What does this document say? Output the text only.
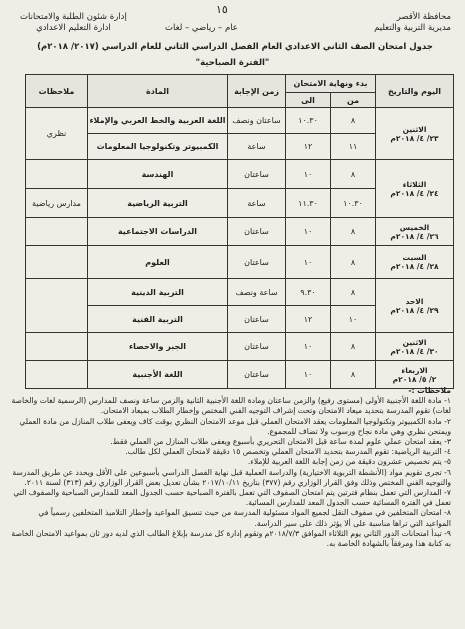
١٥
محافظة الأقصر
مديرية التربية والتعليم
إدارة شئون الطلبة والامتحانات
ادارة التعليم الاعدادي	عام – رياضي – لغات
جدول امتحان الصف الثاني الاعدادي العام الفصل الدراسي الثاني للعام الدراسي (٢٠١٧/ ٢٠١٨م)
"الفترة الصباحية"
اليوم والتاريخ	بدء ونهاية الامتحان		زمن الإجابة	المادة	ملاحظات
	من	الى			

الاثنين
٢٣/ ٤/ ٢٠١٨م	٨	١٠.٣٠	ساعتان ونصف	اللغة العربية والخط العربي والإملاء	نظري
	١١	١٢	ساعة	الكمبيوتر وتكنولوجيا المعلومات	

الثلاثاء
٢٤/ ٤/ ٢٠١٨م	٨	١٠	ساعتان	الهندسة	
	١٠.٣٠	١١.٣٠	ساعة	التربية الرياضية	مدارس رياضية

الخميس
٢٦/ ٤/ ٢٠١٨م	٨	١٠	ساعتان	الدراسات الاجتماعية	

السبت
٢٨/ ٤/ ٢٠١٨م	٨	١٠	ساعتان	العلوم	

الاحد
٢٩/ ٤/ ٢٠١٨م	٨	٩.٣٠	ساعة ونصف	التربية الدينية	
	١٠	١٢	ساعتان	التربية الفنية	

الاثنين
٣٠/ ٤/ ٢٠١٨م	٨	١٠	ساعتان	الجبر والاحصاء	

الاربعاء
٢/ ٥/ ٢٠١٨م	٨	١٠	ساعتان	اللغة الأجنبية	

ملاحظات :-

١- مادة اللغة الأجنبية الأولى (مستوى رفيع) والزمن ساعتان ومادة اللغة الأجنبية الثانية والزمن ساعة ونصف للمدارس (الرسمية لغات والخاصة لغات) تقوم المدرسة بتحديد ميعاد الامتحان وتحت إشراف التوجيه الفني المختص وإخطار الطلاب بميعاد الامتحان.

٢- مادة الكمبيوتر وتكنولوجيا المعلومات يعقد الامتحان العملي قبل موعد الامتحان النظري بوقت كاف ويعفى طلاب المنازل من مادة العملي ويمتحن نظري وهي مادة نجاح ورسوب ولا تضاف للمجموع.

٣- يعقد امتحان عملي علوم لمدة ساعة قبل الامتحان التحريري بأسبوع ويعفى طلاب المنازل من العملي فقط.

٤- التربية الرياضية: تقوم المدرسة بتحديد الامتحان العملي وتخصص ١٥ دقيقة لامتحان العملي لكل طالب.

٥- يتم تخصيص عشرون دقيقة من زمن إجابة اللغة العربية للإملاء.

٦- تجرى تقويم مواد (الأنشطة التربوية الاختيارية) والدراسة العملية قبل نهاية الفصل الدراسي بأسبوعين على الأقل ويحدد عن طريق المدرسة والتوجيه الفني المختص وذلك وفق القرار الوزاري رقم (٣٧٧) بتاريخ ٢٠١٧/١٠/١١ بشأن تعديل بعض القرار الوزاري رقم (٣١٣) لسنة ٢٠١١.

٧- المدارس التي تعمل بنظام فترتين يتم امتحان الصفوف التي تعمل بالفترة الصباحية حسب الجدول المعد للمدارس الصباحية والصفوف التي تعمل في الفترة المسائية حسب الجدول المعد للمدارس المسائية.

٨- امتحان المتخلفين في صفوف النقل لجميع المواد مسئولية المدرسة من حيث تنسيق المواعيد وإخطار التلاميذ المتخلفين رسمياً في المواعيد التي تراها مناسبة على ألا يؤثر ذلك على سير الدراسة.

٩- تبدأ امتحانات الدور الثاني يوم الثلاثاء الموافق ٢٠١٨/٧/٣م وتقوم إدارة كل مدرسة بإبلاغ الطالب الذي لديه دور ثان بمواعيد الامتحان الخاصة به كتابة هذا ومرفقاً بالشهادة الخاصة به.
